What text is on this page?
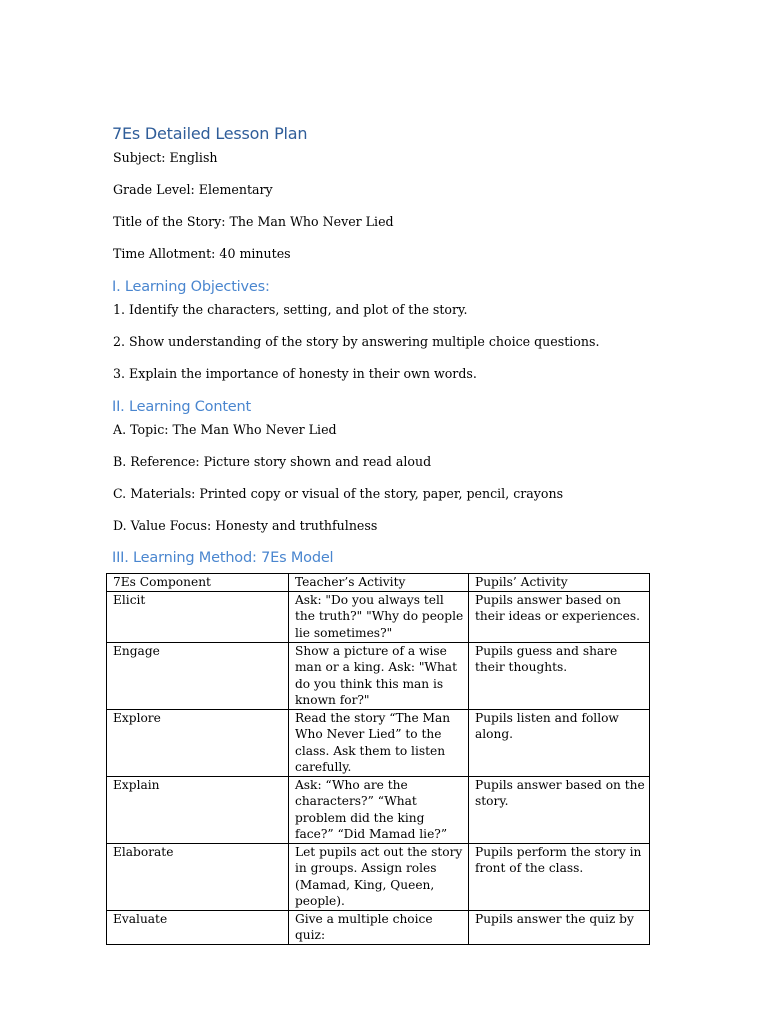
7Es Detailed Lesson Plan

Subject: English

Grade Level: Elementary

Title of the Story: The Man Who Never Lied

Time Allotment: 40 minutes

I. Learning Objectives:

1. Identify the characters, setting, and plot of the story.

2. Show understanding of the story by answering multiple choice questions.

3. Explain the importance of honesty in their own words.

II. Learning Content

A. Topic: The Man Who Never Lied

B. Reference: Picture story shown and read aloud

C. Materials: Printed copy or visual of the story, paper, pencil, crayons

D. Value Focus: Honesty and truthfulness

III. Learning Method: 7Es Model
7Es Component	Teacher’s Activity	Pupils’ Activity
Elicit	Ask: "Do you always tell the truth?" "Why do people lie sometimes?"	Pupils answer based on their ideas or experiences.
Engage	Show a picture of a wise man or a king. Ask: "What do you think this man is known for?"	Pupils guess and share their thoughts.
Explore	Read the story “The Man Who Never Lied” to the class. Ask them to listen carefully.	Pupils listen and follow along.
Explain	Ask: “Who are the characters?” “What problem did the king face?” “Did Mamad lie?”	Pupils answer based on the story.
Elaborate	Let pupils act out the story in groups. Assign roles (Mamad, King, Queen, people).	Pupils perform the story in front of the class.
Evaluate	Give a multiple choice quiz:	Pupils answer the quiz by
